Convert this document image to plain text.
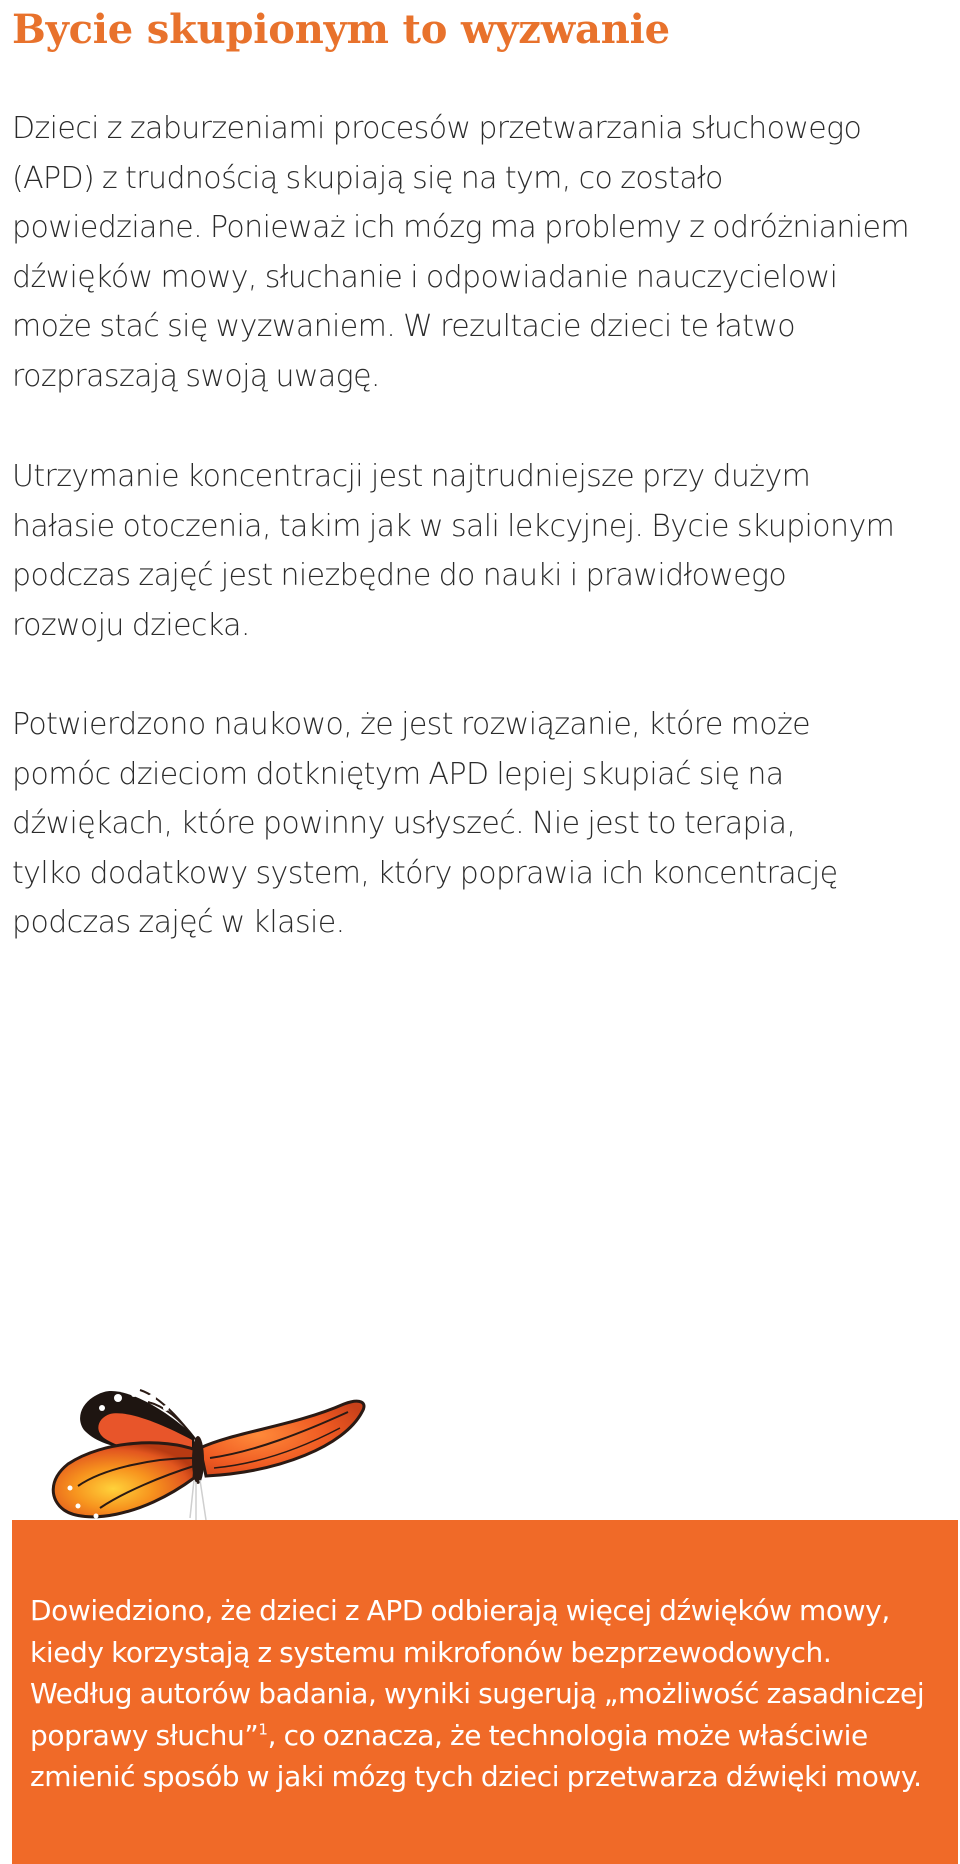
Bycie skupionym to wyzwanie

Dzieci z zaburzeniami procesów przetwarzania słuchowego
(APD) z trudnością skupiają się na tym, co zostało
powiedziane. Ponieważ ich mózg ma problemy z odróżnianiem
dźwięków mowy, słuchanie i odpowiadanie nauczycielowi
może stać się wyzwaniem. W rezultacie dzieci te łatwo
rozpraszają swoją uwagę.

Utrzymanie koncentracji jest najtrudniejsze przy dużym
hałasie otoczenia, takim jak w sali lekcyjnej. Bycie skupionym
podczas zajęć jest niezbędne do nauki i prawidłowego
rozwoju dziecka.

Potwierdzono naukowo, że jest rozwiązanie, które może
pomóc dzieciom dotkniętym APD lepiej skupiać się na
dźwiękach, które powinny usłyszeć. Nie jest to terapia,
tylko dodatkowy system, który poprawia ich koncentrację
podczas zajęć w klasie.

Dowiedziono, że dzieci z APD odbierają więcej dźwięków mowy,
kiedy korzystają z systemu mikrofonów bezprzewodowych.
Według autorów badania, wyniki sugerują „możliwość zasadniczej
poprawy słuchu”$^1$, co oznacza, że technologia może właściwie
zmienić sposób w jaki mózg tych dzieci przetwarza dźwięki mowy.
